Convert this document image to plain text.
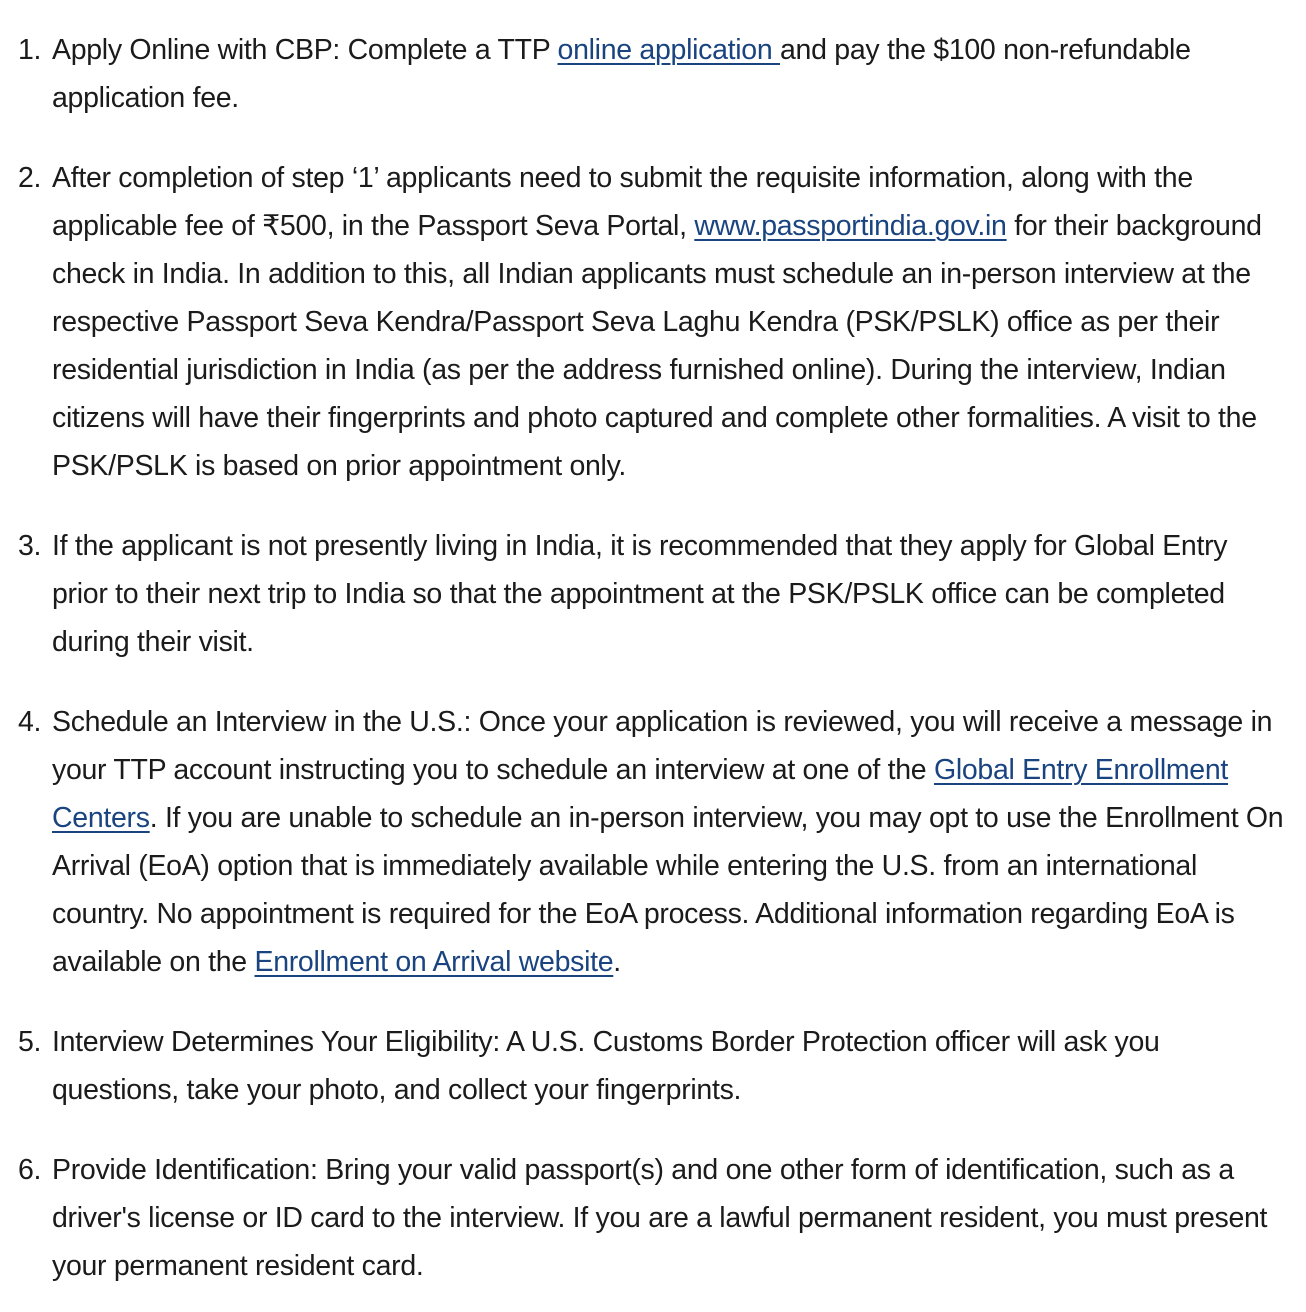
1. Apply Online with CBP: Complete a TTP online application and pay the $100 non-refundable application fee.
2. After completion of step ‘1’ applicants need to submit the requisite information, along with the applicable fee of ₹500, in the Passport Seva Portal, www.passportindia.gov.in for their background check in India. In addition to this, all Indian applicants must schedule an in-person interview at the respective Passport Seva Kendra/Passport Seva Laghu Kendra (PSK/PSLK) office as per their residential jurisdiction in India (as per the address furnished online). During the interview, Indian citizens will have their fingerprints and photo captured and complete other formalities. A visit to the PSK/PSLK is based on prior appointment only.
3. If the applicant is not presently living in India, it is recommended that they apply for Global Entry prior to their next trip to India so that the appointment at the PSK/PSLK office can be completed during their visit.
4. Schedule an Interview in the U.S.: Once your application is reviewed, you will receive a message in your TTP account instructing you to schedule an interview at one of the Global Entry Enrollment Centers. If you are unable to schedule an in-person interview, you may opt to use the Enrollment On Arrival (EoA) option that is immediately available while entering the U.S. from an international country. No appointment is required for the EoA process. Additional information regarding EoA is available on the Enrollment on Arrival website.
5. Interview Determines Your Eligibility: A U.S. Customs Border Protection officer will ask you questions, take your photo, and collect your fingerprints.
6. Provide Identification: Bring your valid passport(s) and one other form of identification, such as a driver's license or ID card to the interview. If you are a lawful permanent resident, you must present your permanent resident card.
